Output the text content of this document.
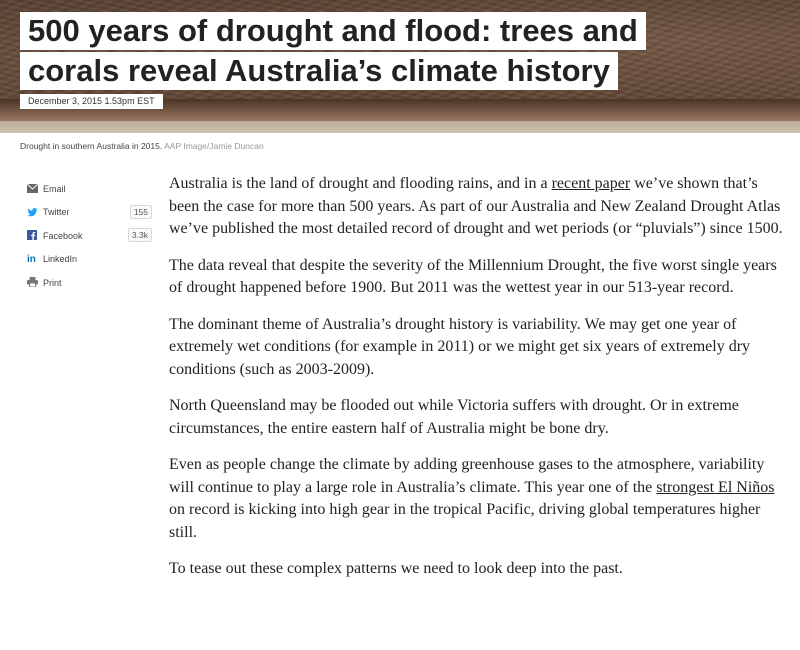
500 years of drought and flood: trees and
corals reveal Australia’s climate history
December 3, 2015 1.53pm EST
Drought in southern Australia in 2015. AAP Image/Jamie Duncan
Email
Twitter	155
Facebook	3.3k
in LinkedIn
Print

Australia is the land of drought and flooding rains, and in a recent paper we’ve shown that’s been the case for more than 500 years. As part of our Australia and New Zealand Drought Atlas we’ve published the most detailed record of drought and wet periods (or “pluvials”) since 1500.

The data reveal that despite the severity of the Millennium Drought, the five worst single years of drought happened before 1900. But 2011 was the wettest year in our 513-year record.

The dominant theme of Australia’s drought history is variability. We may get one year of extremely wet conditions (for example in 2011) or we might get six years of extremely dry conditions (such as 2003-2009).

North Queensland may be flooded out while Victoria suffers with drought. Or in extreme circumstances, the entire eastern half of Australia might be bone dry.

Even as people change the climate by adding greenhouse gases to the atmosphere, variability will continue to play a large role in Australia’s climate. This year one of the strongest El Niños on record is kicking into high gear in the tropical Pacific, driving global temperatures higher still.

To tease out these complex patterns we need to look deep into the past.
